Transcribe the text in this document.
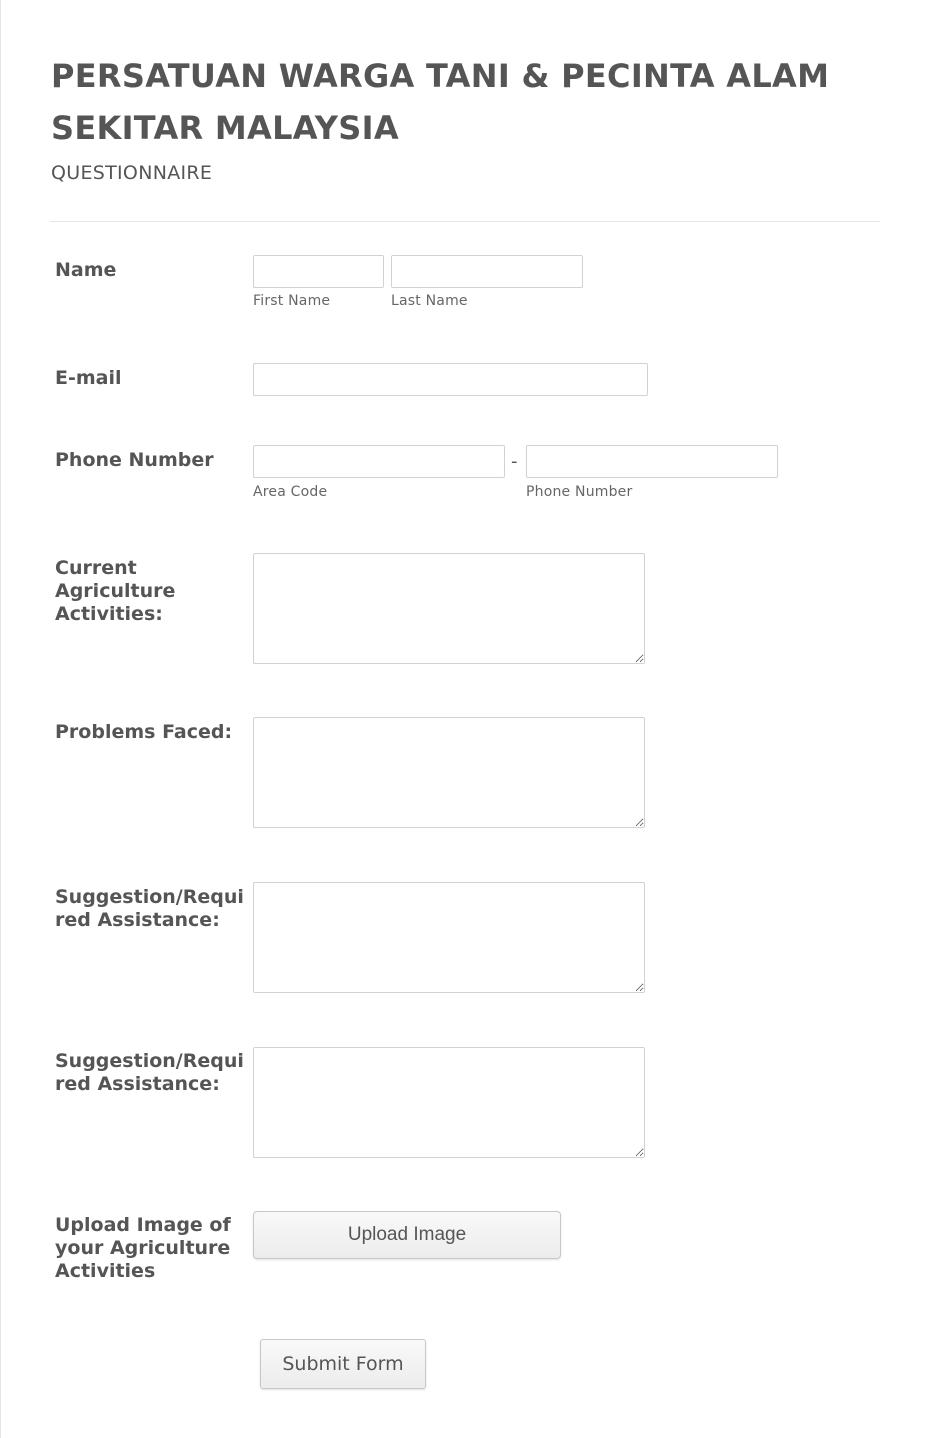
PERSATUAN WARGA TANI & PECINTA ALAM SEKITAR MALAYSIA

QUESTIONNAIRE

Name

First Name	Last Name

E-mail

Phone Number	-
Area Code	Phone Number

Current Agriculture Activities:

Problems Faced:

Suggestion/Required Assistance:

Suggestion/Required Assistance:

Upload Image of your Agriculture Activities

Upload Image
Submit Form
